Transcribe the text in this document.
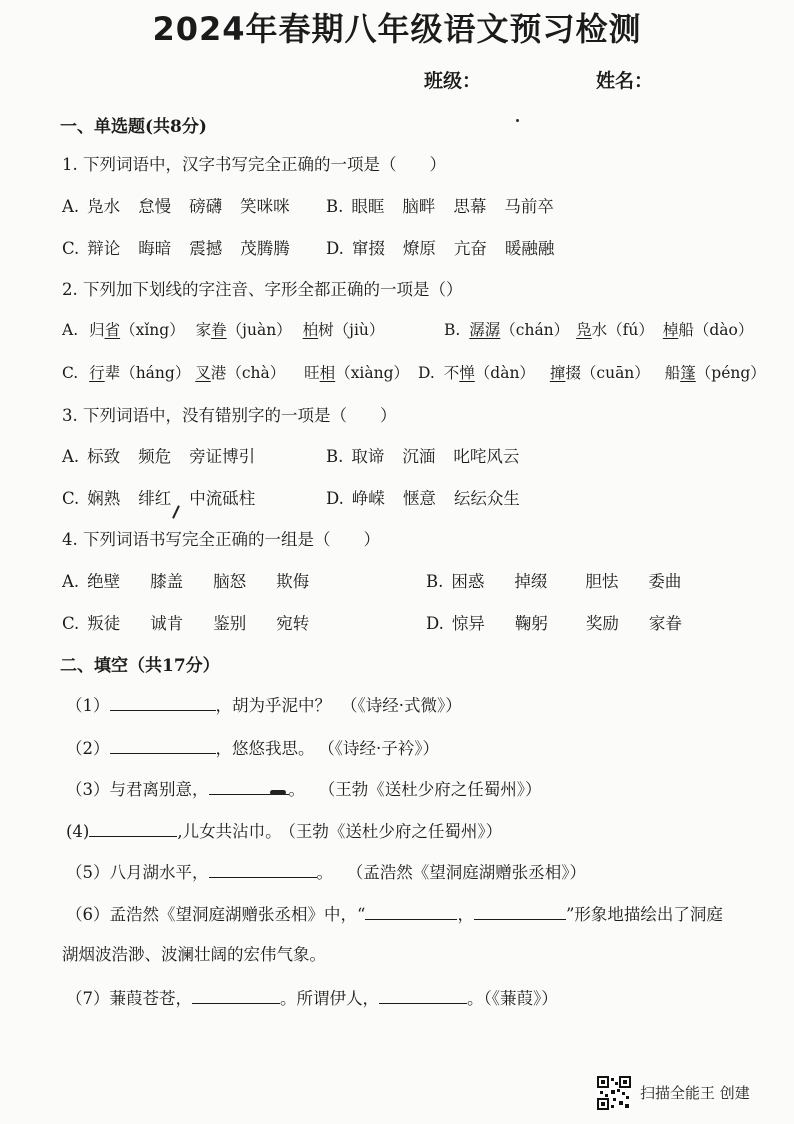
2024年春期八年级语文预习检测
班级：	姓名：
一、单选题(共8分)
1. 下列词语中，汉字书写完全正确的一项是（　　）
A. 凫水 怠慢 磅礴 笑咪咪	B. 眼眶 脑畔 思幕 马前卒
C. 辩论 晦暗 震撼 茂腾腾	D. 窜掇 燎原 亢奋 暖融融
2. 下列加下划线的字注音、字形全都正确的一项是（）
A. 归省（xǐng） 家眷（juàn） 柏树（jiù）	B. 潺潺（chán） 凫水（fú） 棹船（dào）
C. 行辈（háng） 叉港（chà） 旺相（xiàng） D. 不惮（dàn） 撺掇（cuān） 船篷（péng）
3. 下列词语中，没有错别字的一项是（　　）
A. 标致 频危 旁证博引	B. 取谛 沉湎 叱咤风云
C. 娴熟 绯红 中流砥柱	D. 峥嵘 惬意 纭纭众生
4. 下列词语书写完全正确的一组是（　　）
A. 绝壁 膝盖 脑怒 欺侮	B. 困惑 掉缀 胆怯 委曲
C. 叛徒 诚肯 鉴别 宛转	D. 惊异 鞠躬 奖励 家眷
二、填空（共17分）
（1）	，胡为乎泥中？ （《诗经·式微》）
（2）	，悠悠我思。 （《诗经·子衿》）
（3）与君离别意，	。 （王勃《送杜少府之任蜀州》）
(4)	,儿女共沾巾。 （王勃《送杜少府之任蜀州》）
（5）八月湖水平，	。 （孟浩然《望洞庭湖赠张丞相》）
（6）孟浩然《望洞庭湖赠张丞相》中，“	，	”形象地描绘出了洞庭
湖烟波浩渺、波澜壮阔的宏伟气象。
（7）蒹葭苍苍，	。所谓伊人，	。（《蒹葭》）
扫描全能王 创建
